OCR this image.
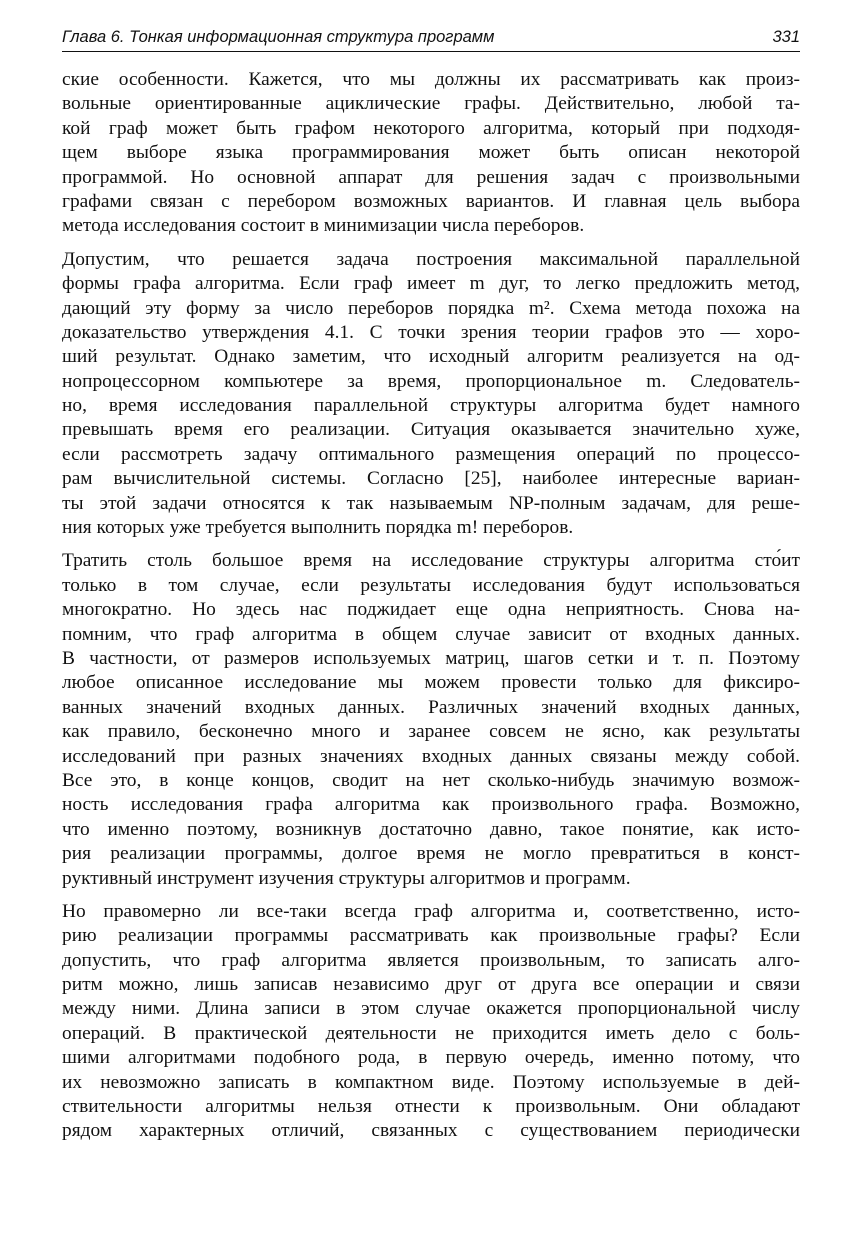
Глава 6. Тонкая информационная структура программ	331
ские особенности. Кажется, что мы должны их рассматривать как произ-
вольные ориентированные ациклические графы. Действительно, любой та-
кой граф может быть графом некоторого алгоритма, который при подходя-
щем выборе языка программирования может быть описан некоторой
программой. Но основной аппарат для решения задач с произвольными
графами связан с перебором возможных вариантов. И главная цель выбора
метода исследования состоит в минимизации числа переборов.
Допустим, что решается задача построения максимальной параллельной
формы графа алгоритма. Если граф имеет m дуг, то легко предложить метод,
дающий эту форму за число переборов порядка m². Схема метода похожа на
доказательство утверждения 4.1. С точки зрения теории графов это — хоро-
ший результат. Однако заметим, что исходный алгоритм реализуется на од-
нопроцессорном компьютере за время, пропорциональное m. Следователь-
но, время исследования параллельной структуры алгоритма будет намного
превышать время его реализации. Ситуация оказывается значительно хуже,
если рассмотреть задачу оптимального размещения операций по процессо-
рам вычислительной системы. Согласно [25], наиболее интересные вариан-
ты этой задачи относятся к так называемым NP-полным задачам, для реше-
ния которых уже требуется выполнить порядка m! переборов.
Тратить столь большое время на исследование структуры алгоритма сто́ит
только в том случае, если результаты исследования будут использоваться
многократно. Но здесь нас поджидает еще одна неприятность. Снова на-
помним, что граф алгоритма в общем случае зависит от входных данных.
В частности, от размеров используемых матриц, шагов сетки и т. п. Поэтому
любое описанное исследование мы можем провести только для фиксиро-
ванных значений входных данных. Различных значений входных данных,
как правило, бесконечно много и заранее совсем не ясно, как результаты
исследований при разных значениях входных данных связаны между собой.
Все это, в конце концов, сводит на нет сколько-нибудь значимую возмож-
ность исследования графа алгоритма как произвольного графа. Возможно,
что именно поэтому, возникнув достаточно давно, такое понятие, как исто-
рия реализации программы, долгое время не могло превратиться в конст-
руктивный инструмент изучения структуры алгоритмов и программ.
Но правомерно ли все-таки всегда граф алгоритма и, соответственно, исто-
рию реализации программы рассматривать как произвольные графы? Если
допустить, что граф алгоритма является произвольным, то записать алго-
ритм можно, лишь записав независимо друг от друга все операции и связи
между ними. Длина записи в этом случае окажется пропорциональной числу
операций. В практической деятельности не приходится иметь дело с боль-
шими алгоритмами подобного рода, в первую очередь, именно потому, что
их невозможно записать в компактном виде. Поэтому используемые в дей-
ствительности алгоритмы нельзя отнести к произвольным. Они обладают
рядом характерных отличий, связанных с существованием периодически
